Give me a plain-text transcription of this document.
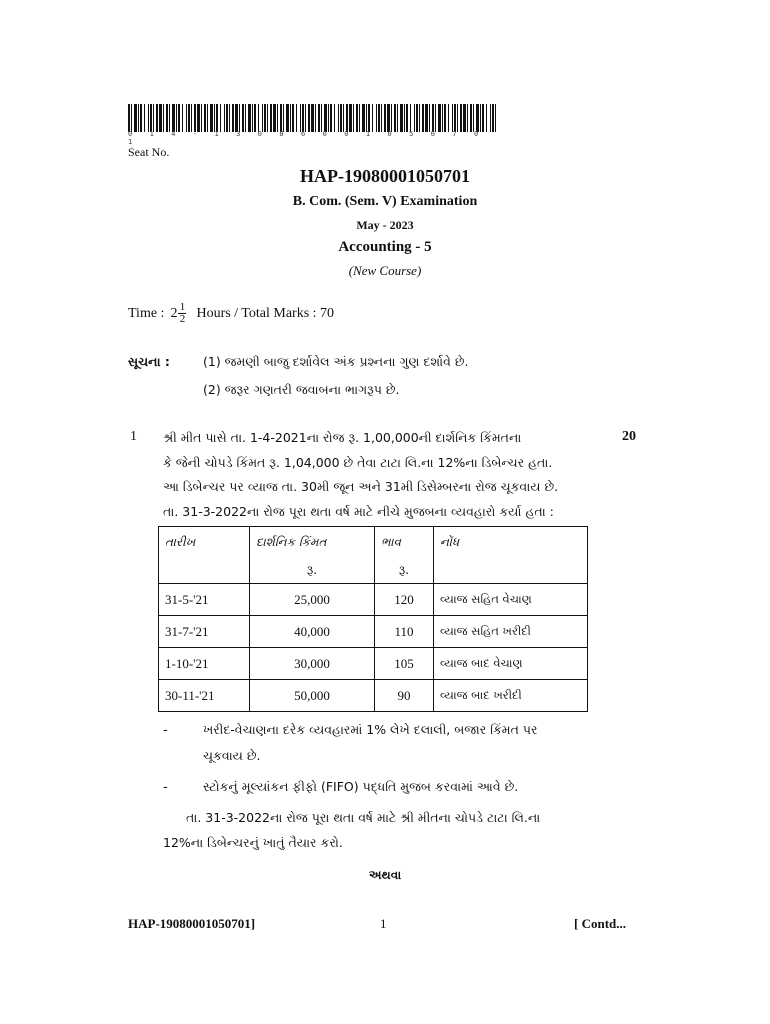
0 1 4 - 1 3 0 8 6 0 0 1 0 5 0 7 0 1
Seat No.
HAP-19080001050701
B. Com. (Sem. V) Examination
May - 2023
Accounting - 5
(New Course)
Time : $2 \frac{1}{2}$ Hours / Total Marks : 70
સૂચના :	(1) જમણી બાજુ દર્શાવેલ અંક પ્રશ્નના ગુણ દર્શાવે છે.
(2) જરૂર ગણતરી જવાબના ભાગરૂપ છે.
1	20
શ્રી મીત પાસે તા. 1-4-2021ના રોજ રૂ. 1,00,000ની દાર્શનિક કિંમતના
કે જેની ચોપડે કિંમત રૂ. 1,04,000 છે તેવા ટાટા લિ.ના 12%ના ડિબેન્ચર હતા.
આ ડિબેન્ચર પર વ્યાજ તા. 30મી જૂન અને 31મી ડિસેમ્બરના રોજ ચૂકવાય છે.
તા. 31-3-2022ના રોજ પૂરા થતા વર્ષ માટે નીચે મુજબના વ્યવહારો કર્યા હતા :
તારીખ	દાર્શનિક કિંમત	ભાવ	નોંધ
	રૂ.	રૂ.	
31-5-'21	25,000	120	વ્યાજ સહિત વેચાણ
31-7-'21	40,000	110	વ્યાજ સહિત ખરીદી
1-10-'21	30,000	105	વ્યાજ બાદ વેચાણ
30-11-'21	50,000	90	વ્યાજ બાદ ખરીદી
-	ખરીદ-વેચાણના દરેક વ્યવહારમાં 1% લેખે દલાલી, બજાર કિંમત પર
ચૂકવાય છે.
-	સ્ટોકનું મૂલ્યાંકન ફીફો (FIFO) પદ્ધતિ મુજબ કરવામાં આવે છે.
તા. 31-3-2022ના રોજ પૂરા થતા વર્ષ માટે શ્રી મીતના ચોપડે ટાટા લિ.ના
12%ના ડિબેન્ચરનું ખાતું તૈયાર કરો.
અથવા
HAP-19080001050701]	1	[ Contd...
